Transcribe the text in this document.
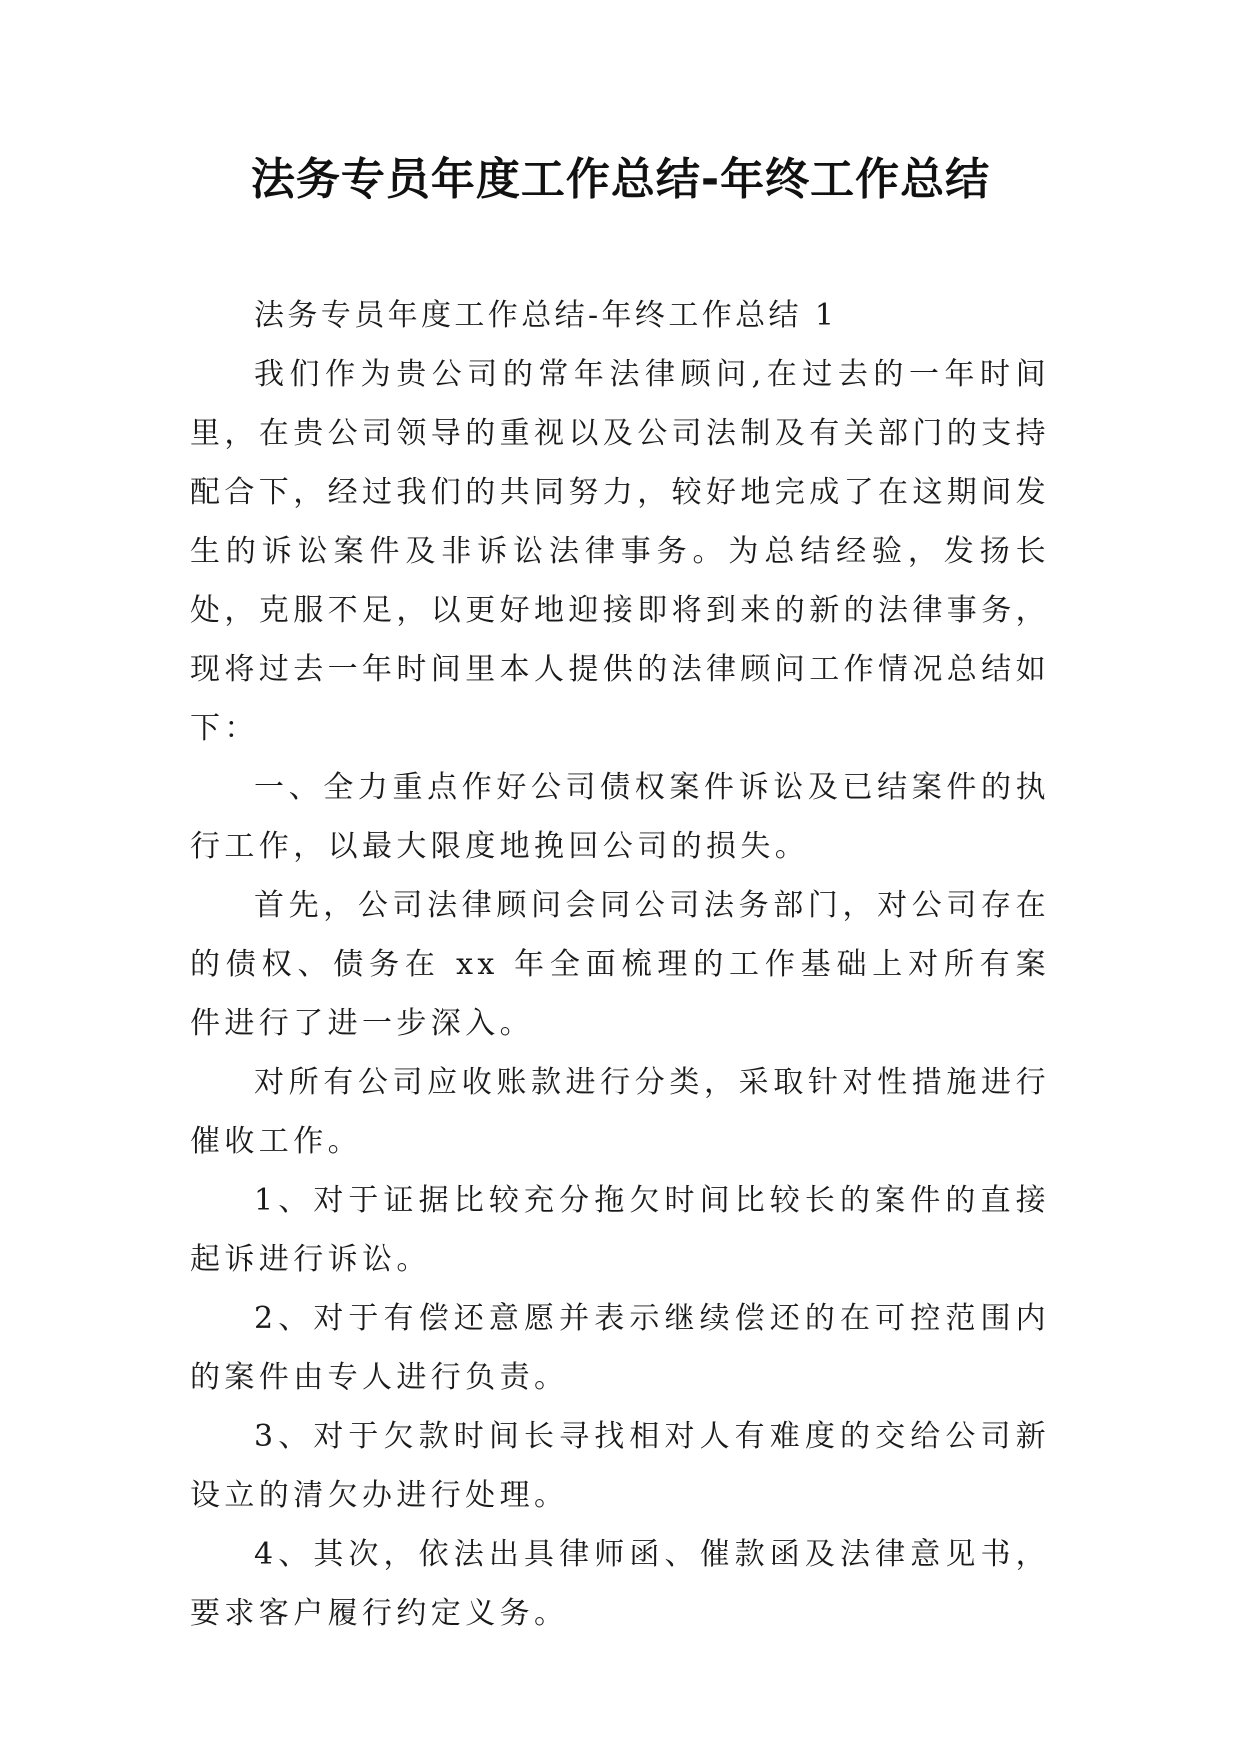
法务专员年度工作总结-年终工作总结

法务专员年度工作总结-年终工作总结 1

我们作为贵公司的常年法律顾问,在过去的一年时间里，在贵公司领导的重视以及公司法制及有关部门的支持配合下，经过我们的共同努力，较好地完成了在这期间发生的诉讼案件及非诉讼法律事务。为总结经验，发扬长处，克服不足，以更好地迎接即将到来的新的法律事务，现将过去一年时间里本人提供的法律顾问工作情况总结如下：

一、全力重点作好公司债权案件诉讼及已结案件的执行工作，以最大限度地挽回公司的损失。

首先，公司法律顾问会同公司法务部门，对公司存在的债权、债务在 xx 年全面梳理的工作基础上对所有案件进行了进一步深入。

对所有公司应收账款进行分类，采取针对性措施进行催收工作。

1、对于证据比较充分拖欠时间比较长的案件的直接起诉进行诉讼。

2、对于有偿还意愿并表示继续偿还的在可控范围内的案件由专人进行负责。

3、对于欠款时间长寻找相对人有难度的交给公司新设立的清欠办进行处理。

4、其次，依法出具律师函、催款函及法律意见书，要求客户履行约定义务。
